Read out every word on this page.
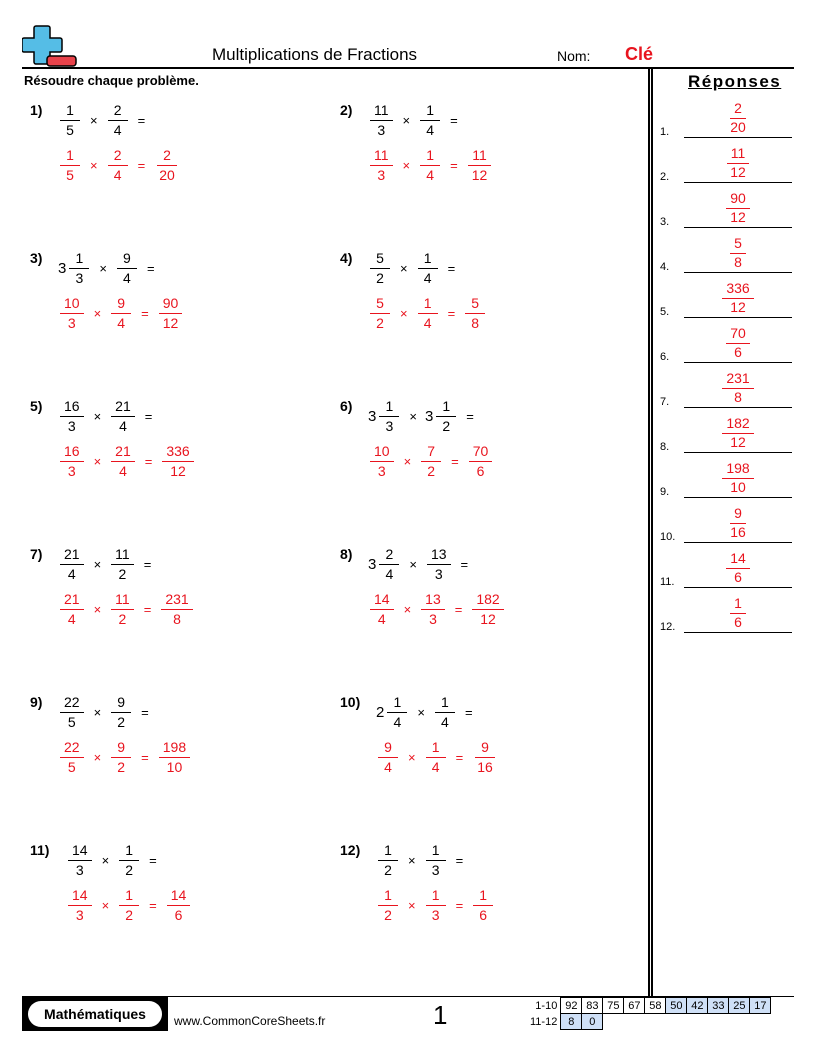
Multiplications de Fractions	Nom: Clé
Résoudre chaque problème.	Réponses
$1) \frac{1}{5} \times \frac{2}{4}$ =
$\frac{1}{5} \times \frac{2}{4} = \frac{2}{20}$
$2) \frac{11}{3} \times \frac{1}{4}$ =
$\frac{11}{3} \times \frac{1}{4} = \frac{11}{12}$
3)
$3 \frac{1}{3} \times \frac{9}{4}$ =
$\frac{10}{3} \times \frac{9}{4} = \frac{90}{12}$
$4) \frac{5}{2} \times \frac{1}{4}$ =
$\frac{5}{2} \times \frac{1}{4} = \frac{5}{8}$
$5) \frac{16}{3} \times \frac{21}{4}$ =
$\frac{16}{3} \times \frac{21}{4} = \frac{336}{12}$
6)
$3 \frac{1}{3} \times 3 \frac{1}{2}$ =
$\frac{10}{3} \times \frac{7}{2} = \frac{70}{6}$
$7) \frac{21}{4} \times \frac{11}{2}$ =
$\frac{21}{4} \times \frac{11}{2} = \frac{231}{8}$
8)
$3 \frac{2}{4} \times \frac{13}{3}$ =
$\frac{14}{4} \times \frac{13}{3} = \frac{182}{12}$
$9) \frac{22}{5} \times \frac{9}{2}$ =
$\frac{22}{5} \times \frac{9}{2} = \frac{198}{10}$
10)
$2 \frac{1}{4} \times \frac{1}{4}$ =
$\frac{9}{4} \times \frac{1}{4} = \frac{9}{16}$
$11) \frac{14}{3} \times \frac{1}{2}$ =
$\frac{14}{3} \times \frac{1}{2} = \frac{14}{6}$
$12) \frac{1}{2} \times \frac{1}{3}$ =
$\frac{1}{2} \times \frac{1}{3} = \frac{1}{6}$
1.	$\frac{2}{20}$
2.	$\frac{11}{12}$
3.	$\frac{90}{12}$
4.	$\frac{5}{8}$
5.	$\frac{336}{12}$
6.	$\frac{70}{6}$
7.	$\frac{231}{8}$
8.	$\frac{182}{12}$
9.	$\frac{198}{10}$
10. $\frac{9}{16}$
11. $\frac{14}{6}$
12. $\frac{1}{6}$
Mathématiques	www.CommonCoreSheets.fr	1	1-10	92	83	75	67	58	50	42	33	25	17
11-12	8	0								
